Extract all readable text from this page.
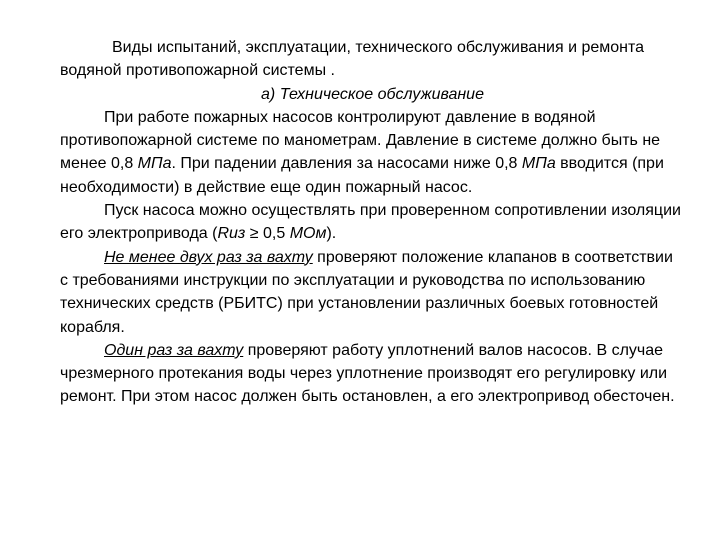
Виды испытаний, эксплуатации, технического обслуживания и ремонта водяной противопожарной системы .

а) Техническое обслуживание

При работе пожарных насосов контролируют давление в водяной противопожарной системе по манометрам. Давление в системе должно быть не менее 0,8 МПа. При падении давления за насосами ниже 0,8 МПа вводится (при необходимости) в действие еще один пожарный насос.

Пуск насоса можно осуществлять при проверенном сопротивлении изоляции его электропривода (Rиз ≥ 0,5 МОм).

Не менее двух раз за вахту проверяют положение клапанов в соответствии с требованиями инструкции по эксплуатации и руководства по использованию технических средств (РБИТС) при установлении различных боевых готовностей корабля.

Один раз за вахту проверяют работу уплотнений валов насосов. В случае чрезмерного протекания воды через уплотнение производят его регулировку или ремонт. При этом насос должен быть остановлен, а его электропривод обесточен.
